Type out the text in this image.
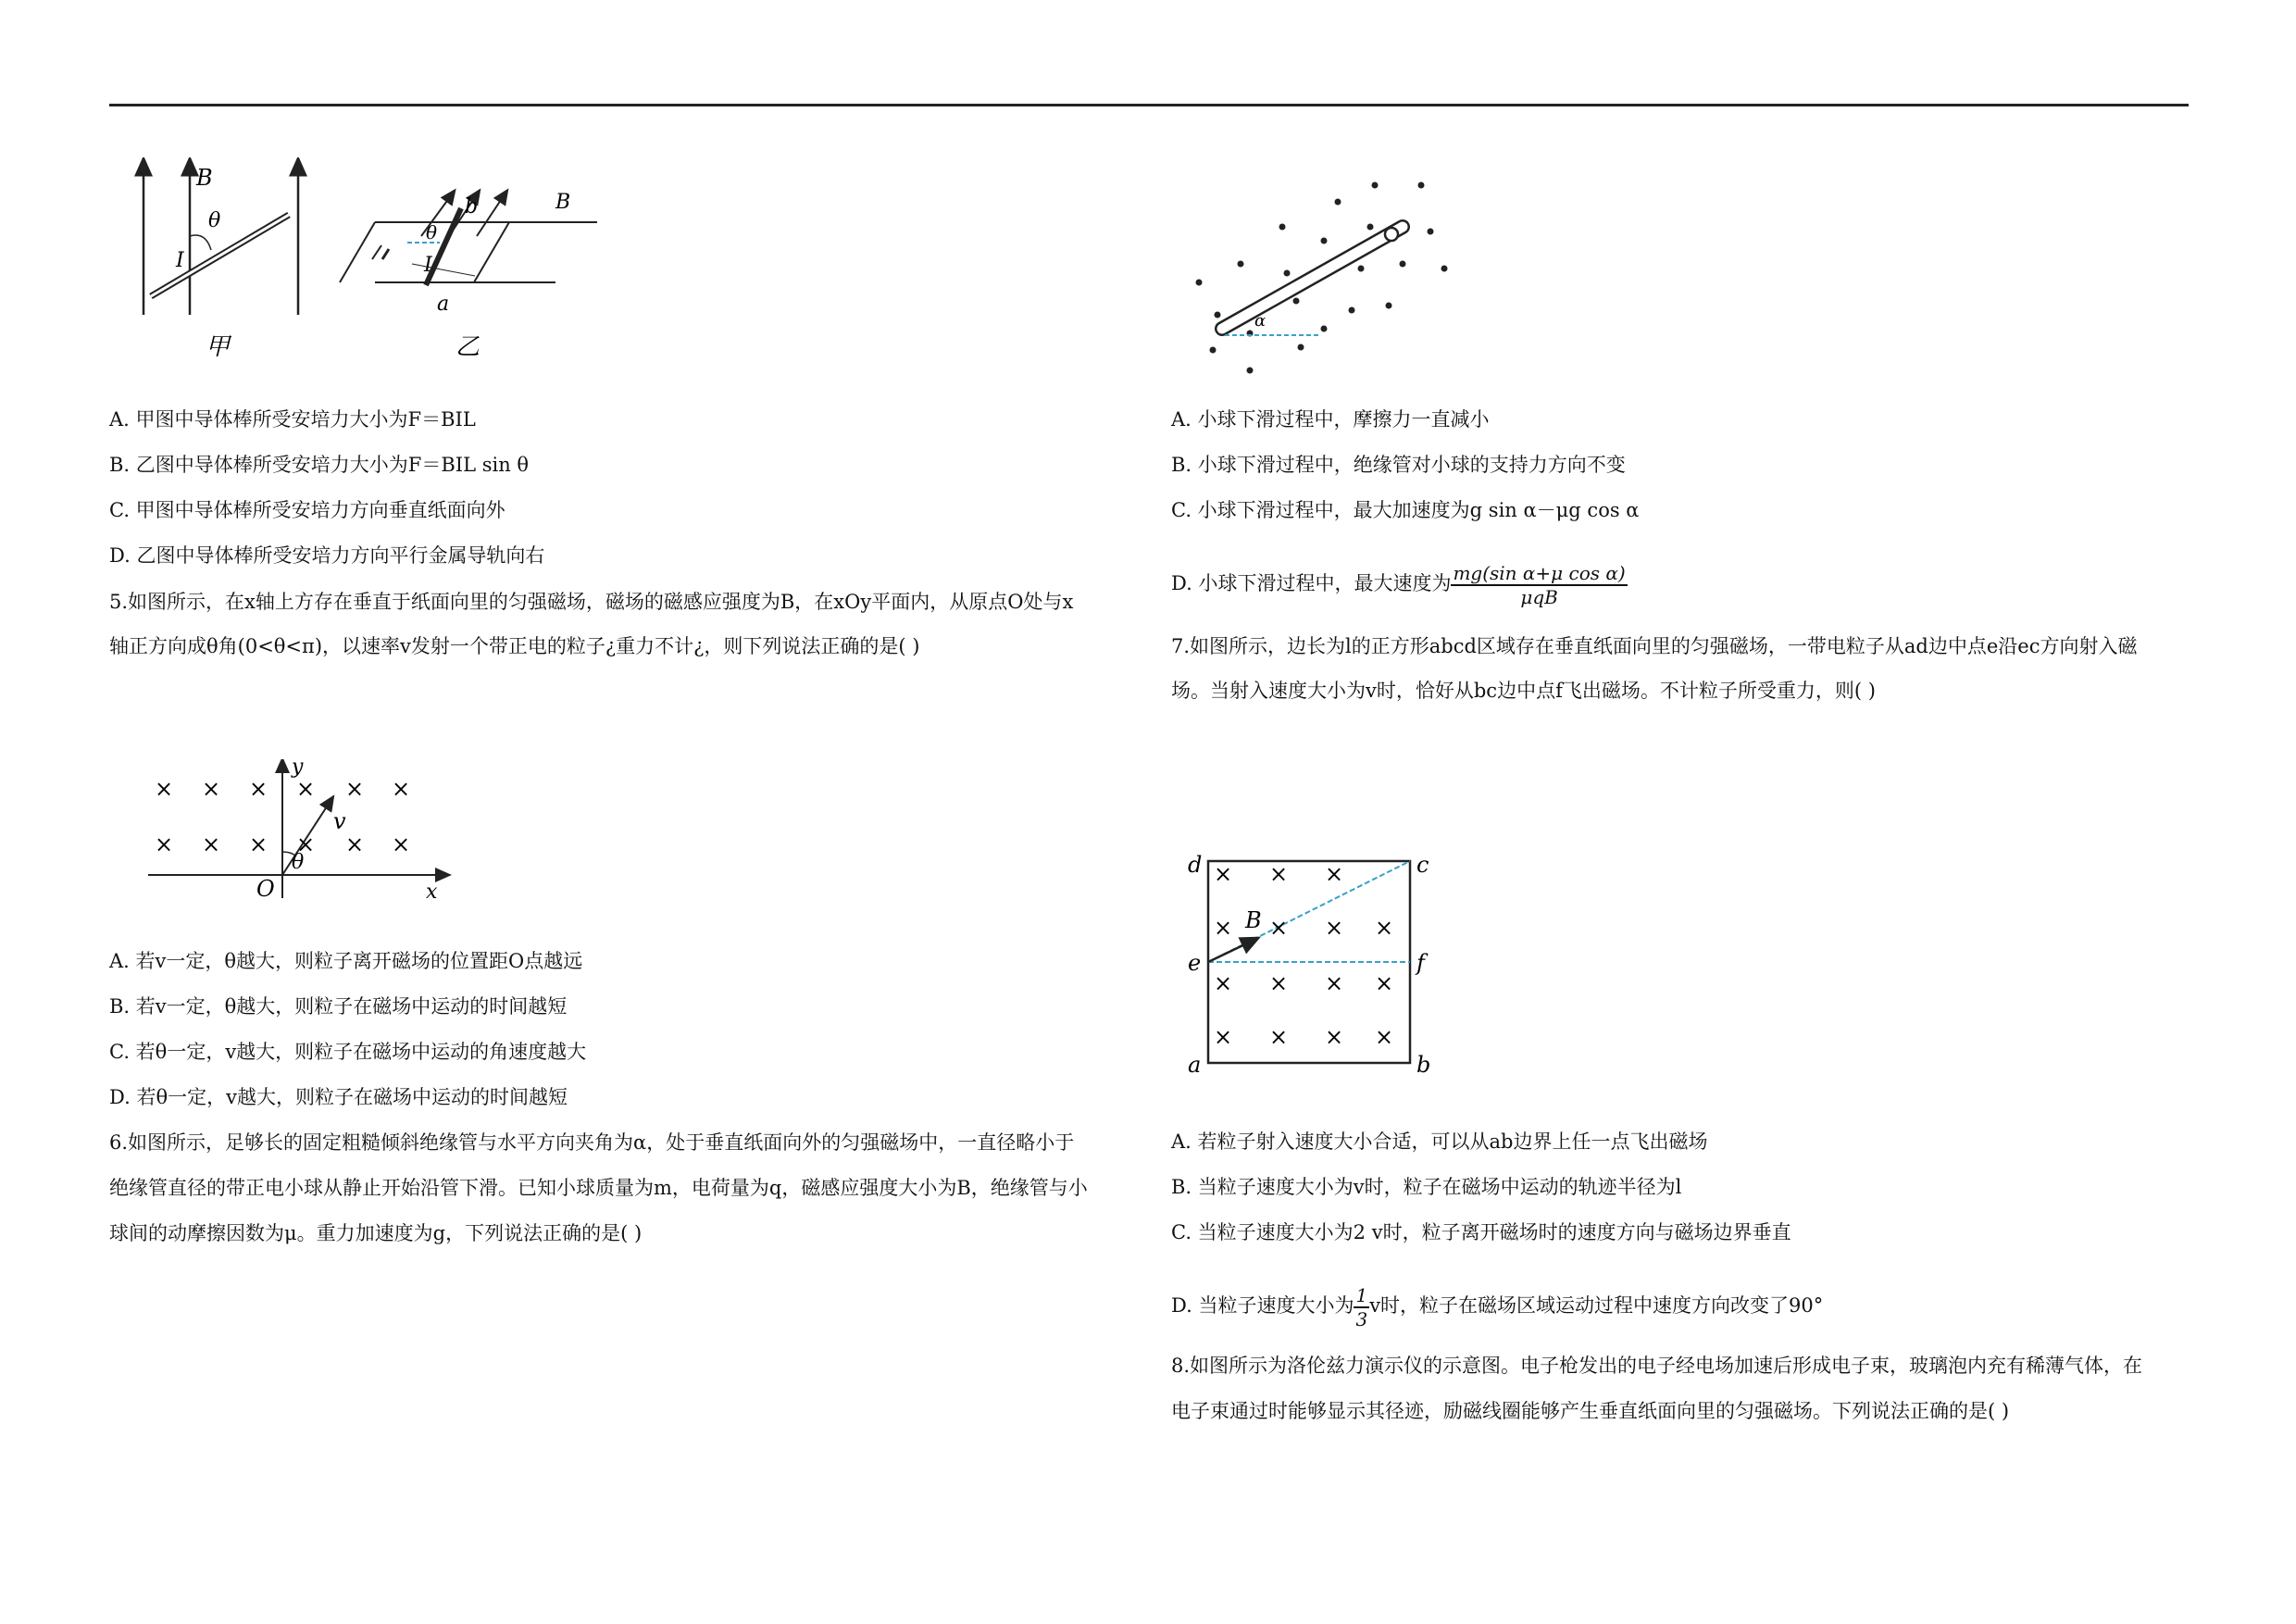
B
θ
I
甲
θ
b	B
I
a
乙
A. 甲图中导体棒所受安培力大小为F＝BIL
B. 乙图中导体棒所受安培力大小为F＝BIL sin θ
C. 甲图中导体棒所受安培力方向垂直纸面向外
D. 乙图中导体棒所受安培力方向平行金属导轨向右
5.如图所示，在x轴上方存在垂直于纸面向里的匀强磁场，磁场的磁感应强度为B，在xOy平面内，从原点O处与x
轴正方向成θ角(0<θ<π)，以速率v发射一个带正电的粒子¿重力不计¿，则下列说法正确的是( )
× × × × × ×
× × × × × ×
y
v
θ
O	x
A. 若v一定，θ越大，则粒子离开磁场的位置距O点越远
B. 若v一定，θ越大，则粒子在磁场中运动的时间越短
C. 若θ一定，v越大，则粒子在磁场中运动的角速度越大
D. 若θ一定，v越大，则粒子在磁场中运动的时间越短
6.如图所示，足够长的固定粗糙倾斜绝缘管与水平方向夹角为α，处于垂直纸面向外的匀强磁场中，一直径略小于
绝缘管直径的带正电小球从静止开始沿管下滑。已知小球质量为m，电荷量为q，磁感应强度大小为B，绝缘管与小
球间的动摩擦因数为μ。重力加速度为g，下列说法正确的是( )
α
A. 小球下滑过程中，摩擦力一直减小
B. 小球下滑过程中，绝缘管对小球的支持力方向不变
C. 小球下滑过程中，最大加速度为g sin α－μg cos α
D. 小球下滑过程中，最大速度为 $\frac{\text{mg(sin α+μ cos α)}}{\text{μqB}}$
7.如图所示，边长为l的正方形abcd区域存在垂直纸面向里的匀强磁场，一带电粒子从ad边中点e沿ec方向射入磁
场。当射入速度大小为v时，恰好从bc边中点f飞出磁场。不计粒子所受重力，则( )
× × ×
× × × ×
× × × ×
× × × ×
d	c
e	f
a	b
B
A. 若粒子射入速度大小合适，可以从ab边界上任一点飞出磁场
B. 当粒子速度大小为v时，粒子在磁场中运动的轨迹半径为l
C. 当粒子速度大小为2 v时，粒子离开磁场时的速度方向与磁场边界垂直
D. 当粒子速度大小为 $\frac{1}{3}$ v时，粒子在磁场区域运动过程中速度方向改变了90°
8.如图所示为洛伦兹力演示仪的示意图。电子枪发出的电子经电场加速后形成电子束，玻璃泡内充有稀薄气体，在
电子束通过时能够显示其径迹，励磁线圈能够产生垂直纸面向里的匀强磁场。下列说法正确的是( )
